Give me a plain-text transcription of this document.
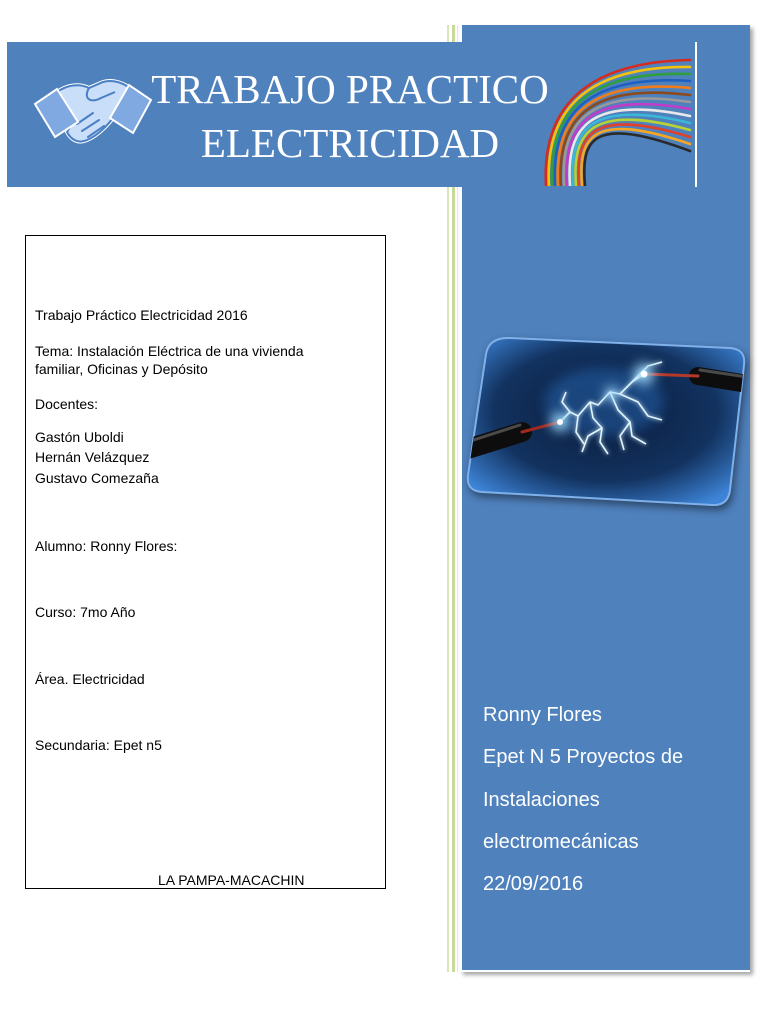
TRABAJO PRACTICO
ELECTRICIDAD
Trabajo Práctico Electricidad 2016
Tema: Instalación Eléctrica de una vivienda
familiar, Oficinas y Depósito
Docentes:
Gastón Uboldi
Hernán Velázquez
Gustavo Comezaña
Alumno: Ronny Flores:
Curso: 7mo Año
Área. Electricidad
Secundaria: Epet n5
LA PAMPA-MACACHIN
Ronny Flores
Epet N 5 Proyectos de
Instalaciones
electromecánicas
22/09/2016
